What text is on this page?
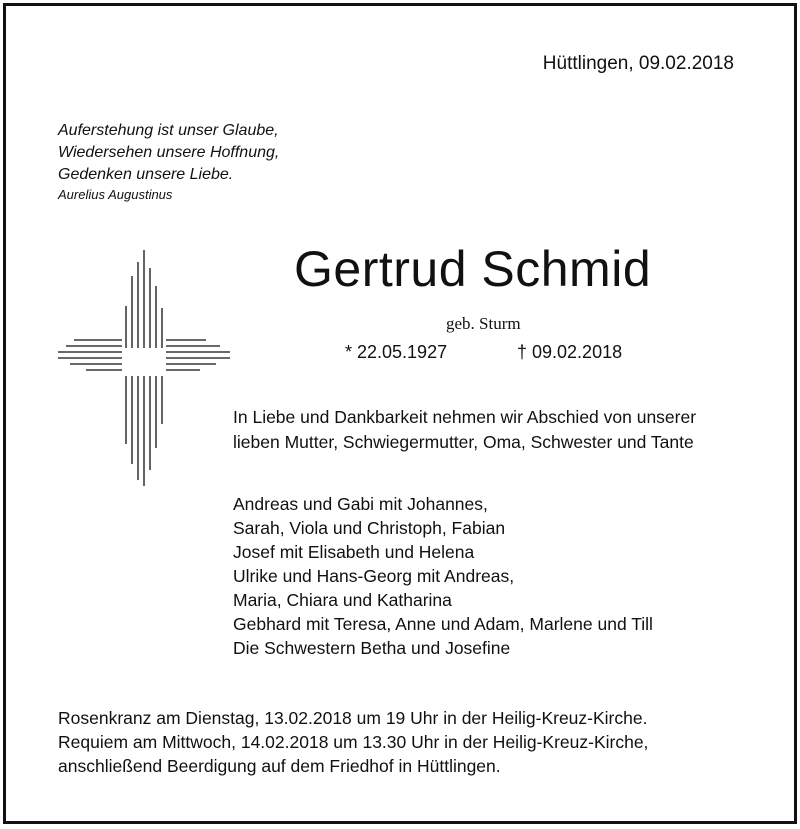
Hüttlingen, 09.02.2018
Auferstehung ist unser Glaube,
Wiedersehen unsere Hoffnung,
Gedenken unsere Liebe.
Aurelius Augustinus
Gertrud Schmid
geb. Sturm
* 22.05.1927	† 09.02.2018
In Liebe und Dankbarkeit nehmen wir Abschied von unserer
lieben Mutter, Schwiegermutter, Oma, Schwester und Tante
Andreas und Gabi mit Johannes,
Sarah, Viola und Christoph, Fabian
Josef mit Elisabeth und Helena
Ulrike und Hans-Georg mit Andreas,
Maria, Chiara und Katharina
Gebhard mit Teresa, Anne und Adam, Marlene und Till
Die Schwestern Betha und Josefine
Rosenkranz am Dienstag, 13.02.2018 um 19 Uhr in der Heilig-Kreuz-Kirche.
Requiem am Mittwoch, 14.02.2018 um 13.30 Uhr in der Heilig-Kreuz-Kirche,
anschließend Beerdigung auf dem Friedhof in Hüttlingen.
